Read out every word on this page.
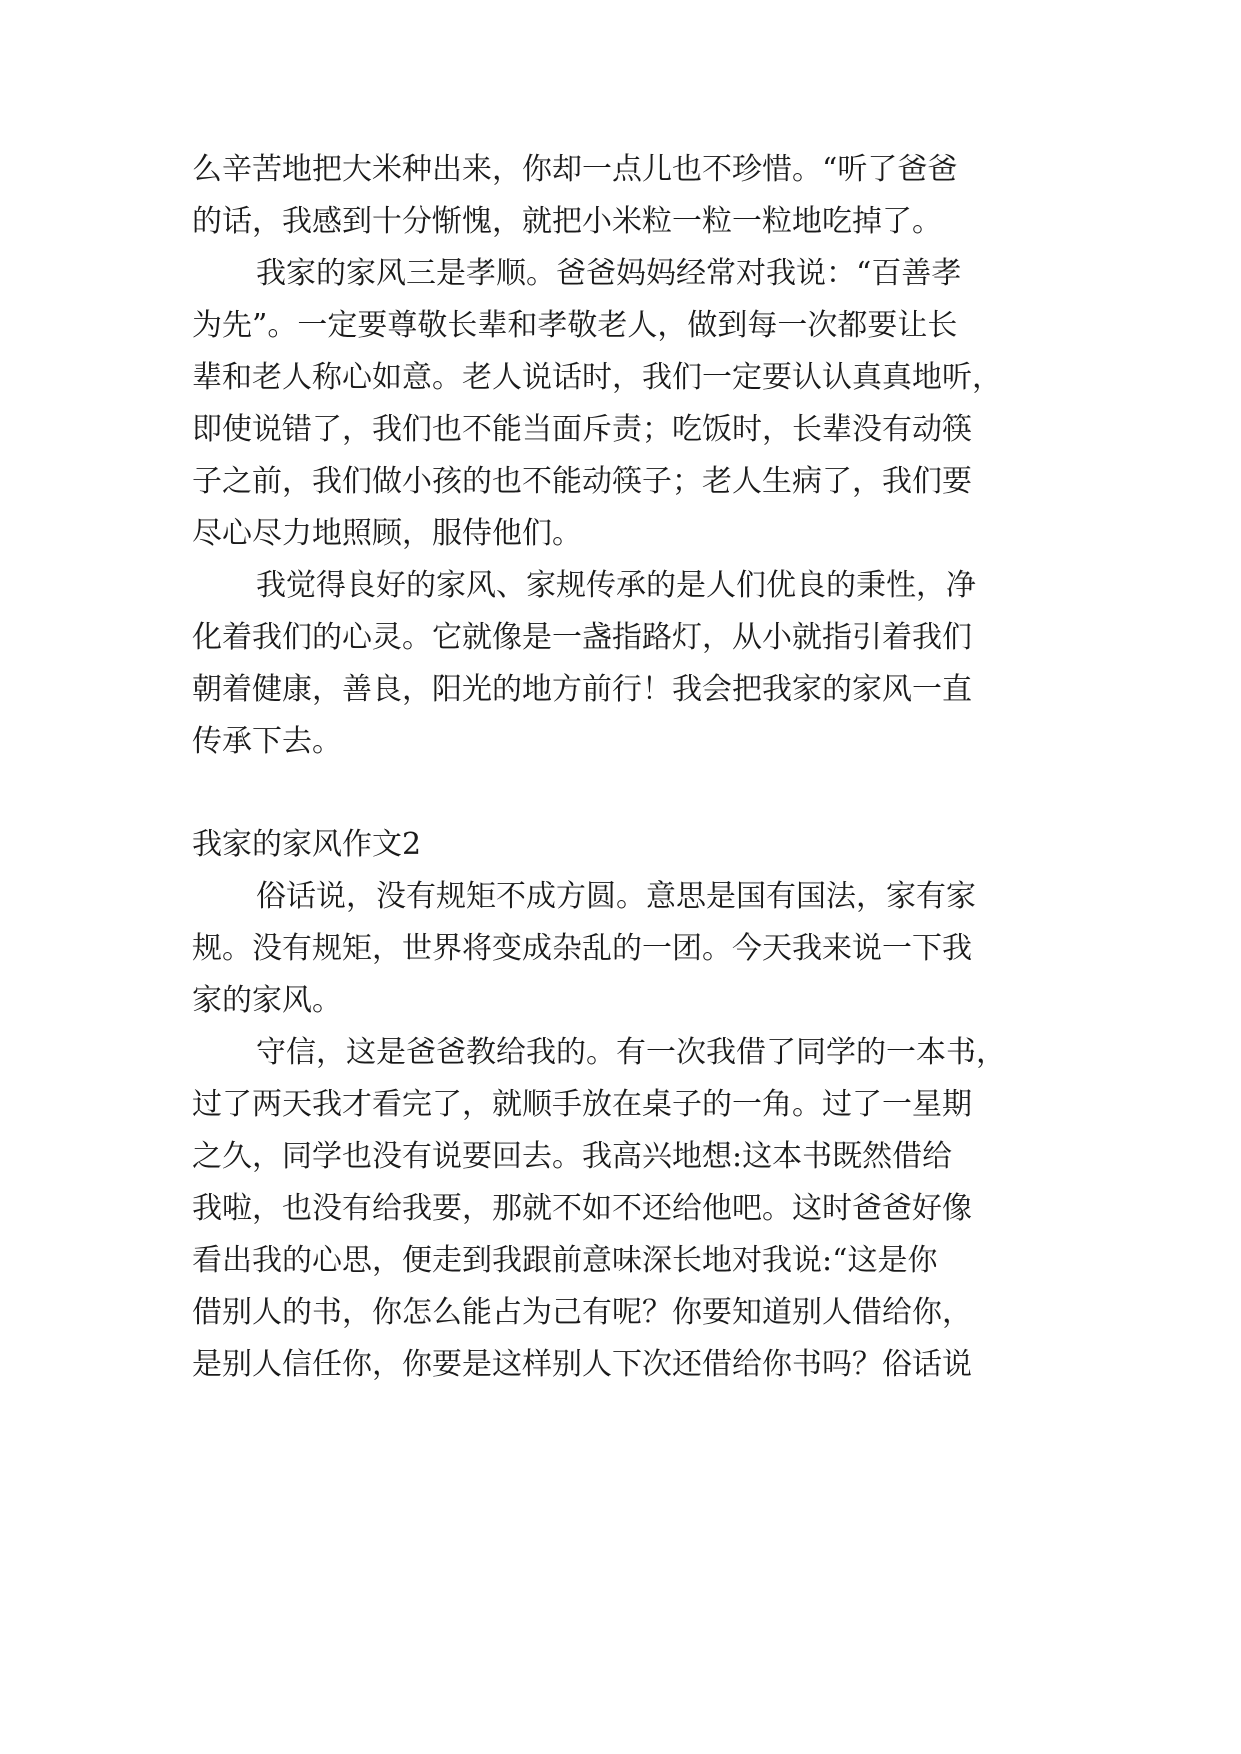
么辛苦地把大米种出来，你却一点儿也不珍惜。“听了爸爸
的话，我感到十分惭愧，就把小米粒一粒一粒地吃掉了。
我家的家风三是孝顺。爸爸妈妈经常对我说：“百善孝
为先”。一定要尊敬长辈和孝敬老人，做到每一次都要让长
辈和老人称心如意。老人说话时，我们一定要认认真真地听，
即使说错了，我们也不能当面斥责；吃饭时，长辈没有动筷
子之前，我们做小孩的也不能动筷子；老人生病了，我们要
尽心尽力地照顾，服侍他们。
我觉得良好的家风、家规传承的是人们优良的秉性，净
化着我们的心灵。它就像是一盏指路灯，从小就指引着我们
朝着健康，善良，阳光的地方前行！我会把我家的家风一直
传承下去。
我家的家风作文2
俗话说，没有规矩不成方圆。意思是国有国法，家有家
规。没有规矩，世界将变成杂乱的一团。今天我来说一下我
家的家风。
守信，这是爸爸教给我的。有一次我借了同学的一本书，
过了两天我才看完了，就顺手放在桌子的一角。过了一星期
之久，同学也没有说要回去。我高兴地想:这本书既然借给
我啦，也没有给我要，那就不如不还给他吧。这时爸爸好像
看出我的心思，便走到我跟前意味深长地对我说:“这是你
借别人的书，你怎么能占为己有呢？你要知道别人借给你，
是别人信任你，你要是这样别人下次还借给你书吗？俗话说
